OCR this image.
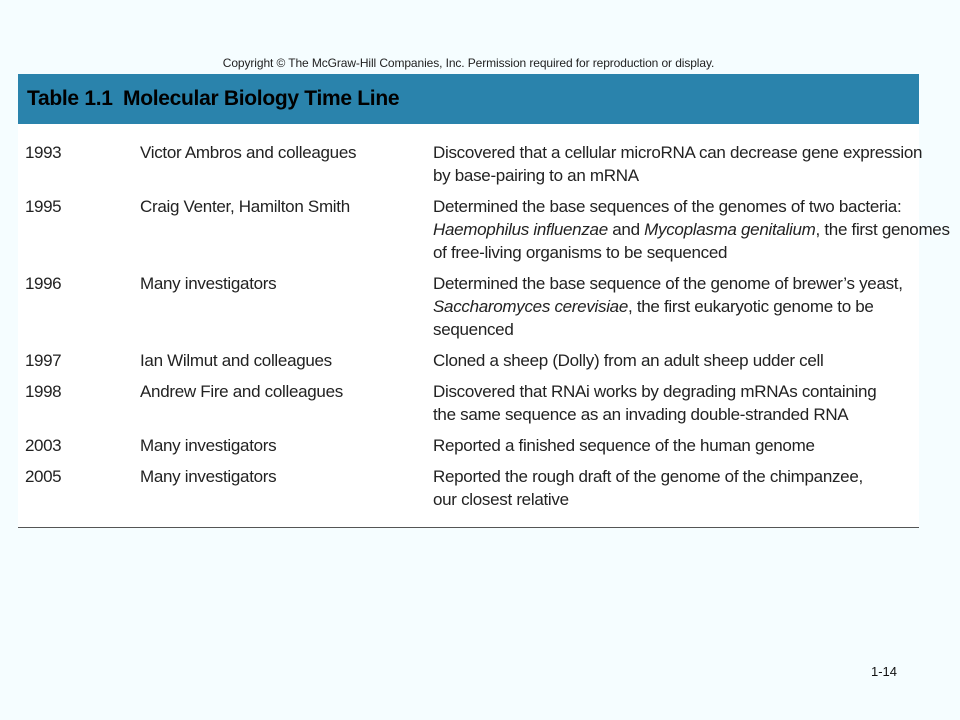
Copyright © The McGraw-Hill Companies, Inc. Permission required for reproduction or display.
Table 1.1 Molecular Biology Time Line
1993	Victor Ambros and colleagues	Discovered that a cellular microRNA can decrease gene expression
by base-pairing to an mRNA
1995	Craig Venter, Hamilton Smith	Determined the base sequences of the genomes of two bacteria:
Haemophilus influenzae and Mycoplasma genitalium, the first genomes
of free-living organisms to be sequenced
1996	Many investigators	Determined the base sequence of the genome of brewer’s yeast,
Saccharomyces cerevisiae, the first eukaryotic genome to be
sequenced
1997	Ian Wilmut and colleagues	Cloned a sheep (Dolly) from an adult sheep udder cell
1998	Andrew Fire and colleagues	Discovered that RNAi works by degrading mRNAs containing
the same sequence as an invading double-stranded RNA
2003	Many investigators	Reported a finished sequence of the human genome
2005	Many investigators	Reported the rough draft of the genome of the chimpanzee,
our closest relative
1-14
